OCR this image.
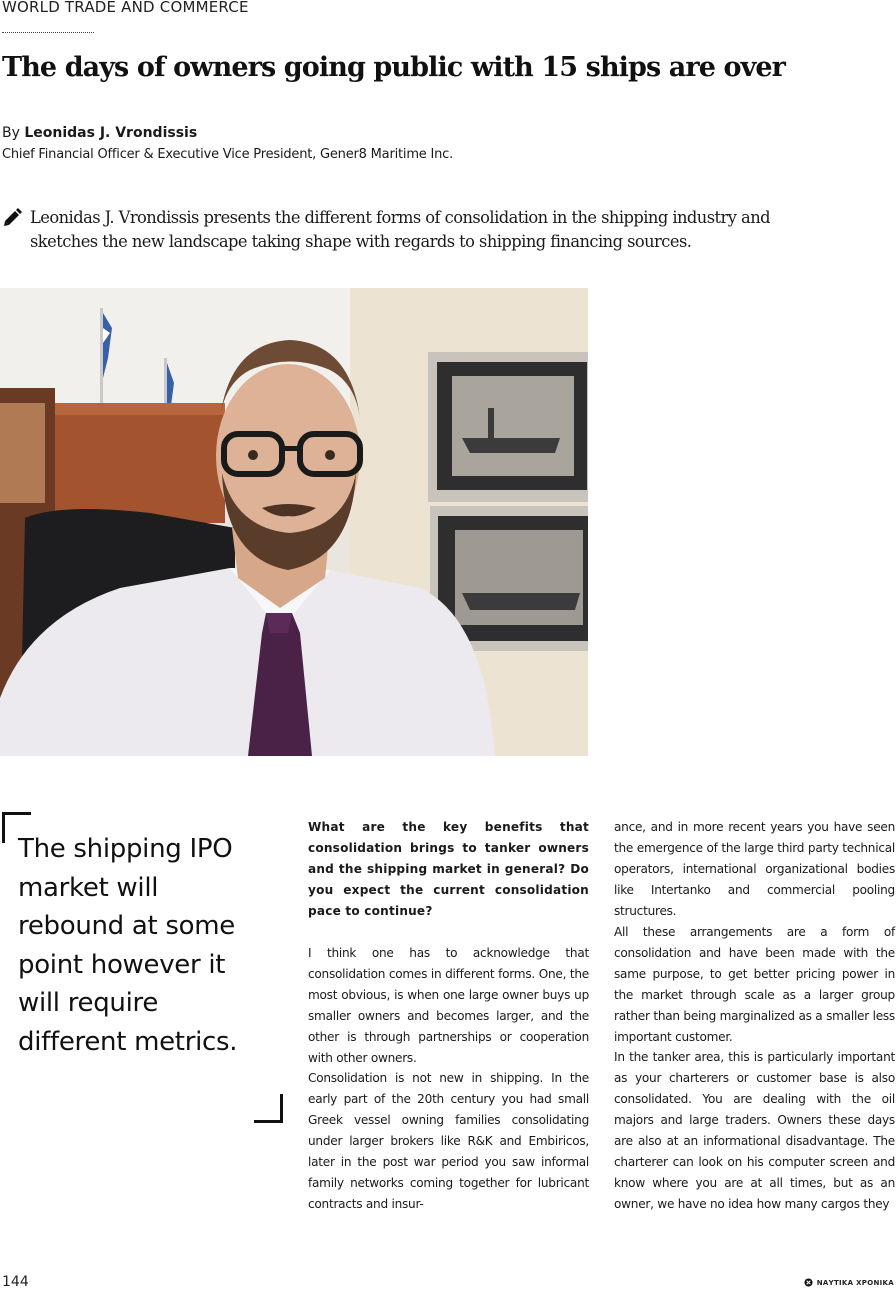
WORLD TRADE AND COMMERCE
The days of owners going public with 15 ships are over
By Leonidas J. Vrondissis
Chief Financial Officer & Executive Vice President, Gener8 Maritime Inc.

Leonidas J. Vrondissis presents the different forms of consolidation in the shipping industry and sketches the new landscape taking shape with regards to shipping financing sources.

The shipping IPO market will rebound at some point however it will require different metrics.

What are the key benefits that consolidation brings to tanker owners and the shipping market in general? Do you expect the current consolidation pace to continue?

I think one has to acknowledge that consolidation comes in different forms. One, the most obvious, is when one large owner buys up smaller owners and becomes larger, and the other is through partnerships or cooperation with other owners.

Consolidation is not new in shipping. In the early part of the 20th century you had small Greek vessel owning families consolidating under larger brokers like R&K and Embiricos, later in the post war period you saw informal family networks coming together for lubricant contracts and insur-

ance, and in more recent years you have seen the emergence of the large third party technical operators, international organizational bodies like Intertanko and commercial pooling structures.

All these arrangements are a form of consolidation and have been made with the same purpose, to get better pricing power in the market through scale as a larger group rather than being marginalized as a smaller less important customer.

In the tanker area, this is particularly important as your charterers or customer base is also consolidated. You are dealing with the oil majors and large traders. Owners these days are also at an informational disadvantage. The charterer can look on his computer screen and know where you are at all times, but as an owner, we have no idea how many cargos they

144	ΝΑΥΤΙΚΑ ΧΡΟΝΙΚΑ
